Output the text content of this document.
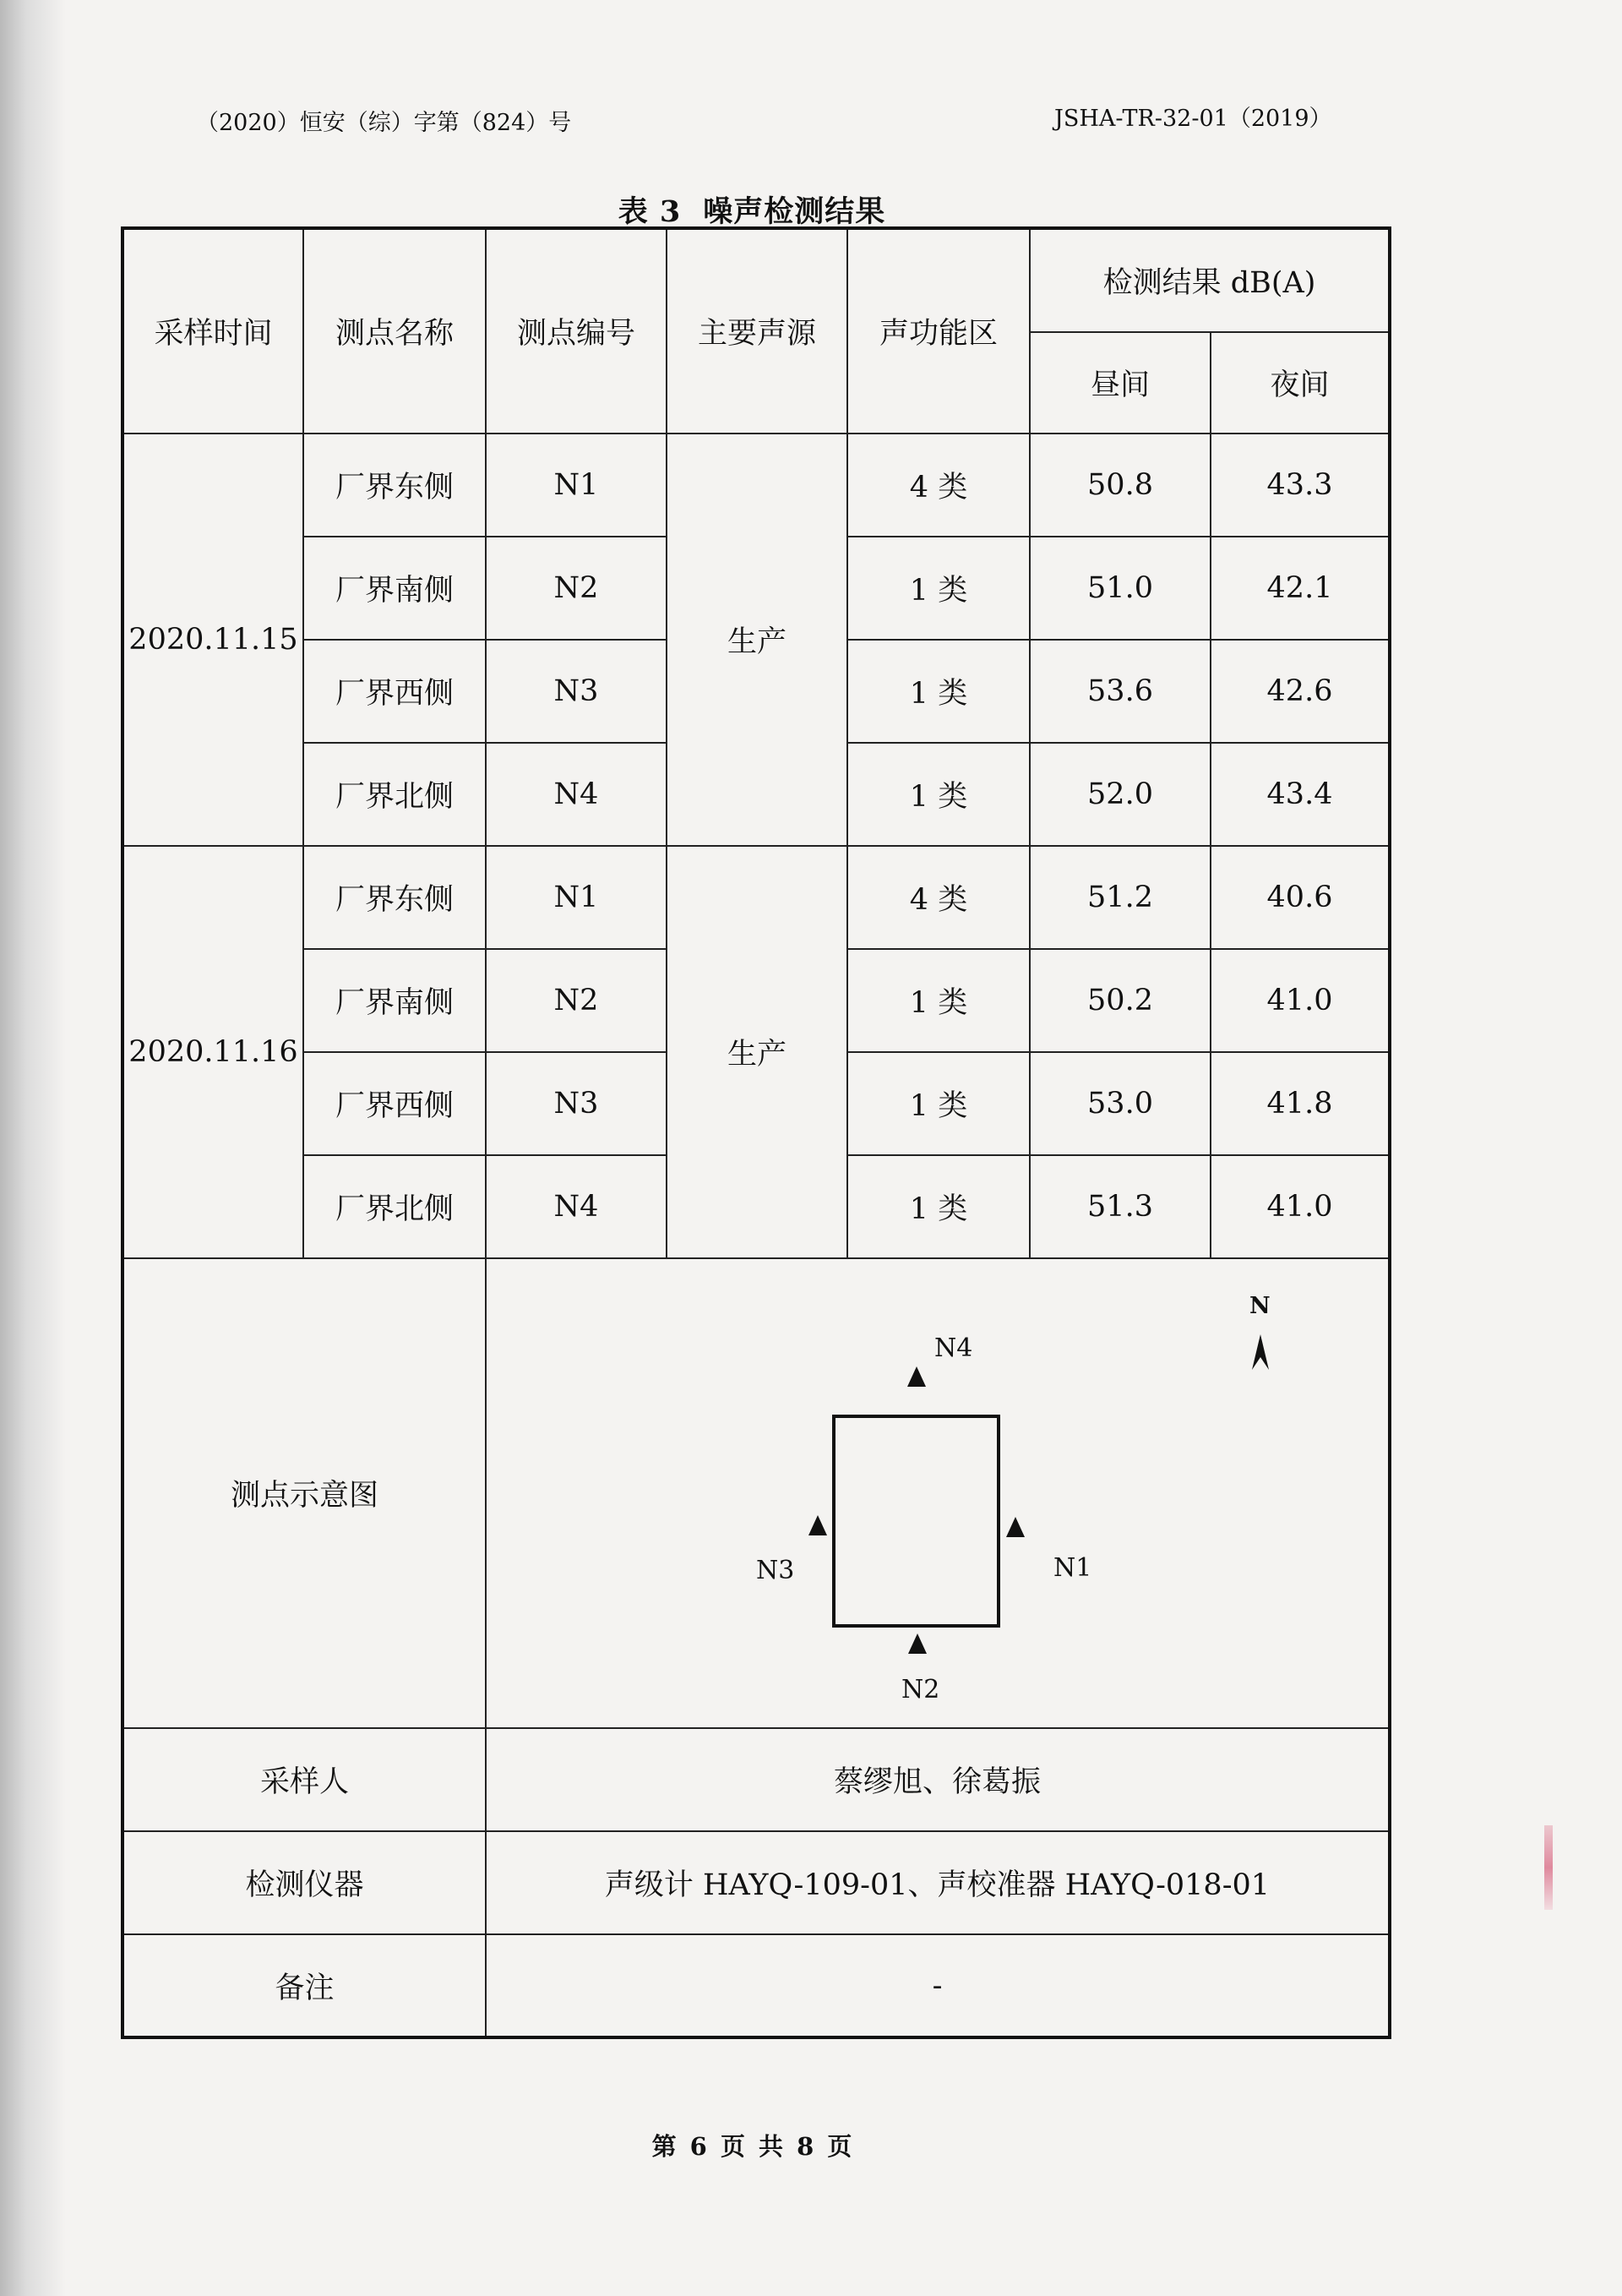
（2020）恒安（综）字第（824）号	JSHA-TR-32-01（2019）
表 3 噪声检测结果
采样时间	测点名称	测点编号	主要声源	声功能区	检测结果 dB(A)	
					昼间	夜间
2020.11.15	厂界东侧	N1	生产	4 类	50.8	43.3
	厂界南侧	N2		1 类	51.0	42.1
	厂界西侧	N3		1 类	53.6	42.6
	厂界北侧	N4		1 类	52.0	43.4
2020.11.16	厂界东侧	N1	生产	4 类	51.2	40.6
	厂界南侧	N2		1 类	50.2	41.0
	厂界西侧	N3		1 类	53.0	41.8
	厂界北侧	N4		1 类	51.3	41.0
测点示意图		N4
N3 N1
N2
N				

采样人		蔡缪旭、徐葛振				
检测仪器		声级计 HAYQ-109-01、声校准器 HAYQ-018-01				
备注		-				
第 6 页 共 8 页
